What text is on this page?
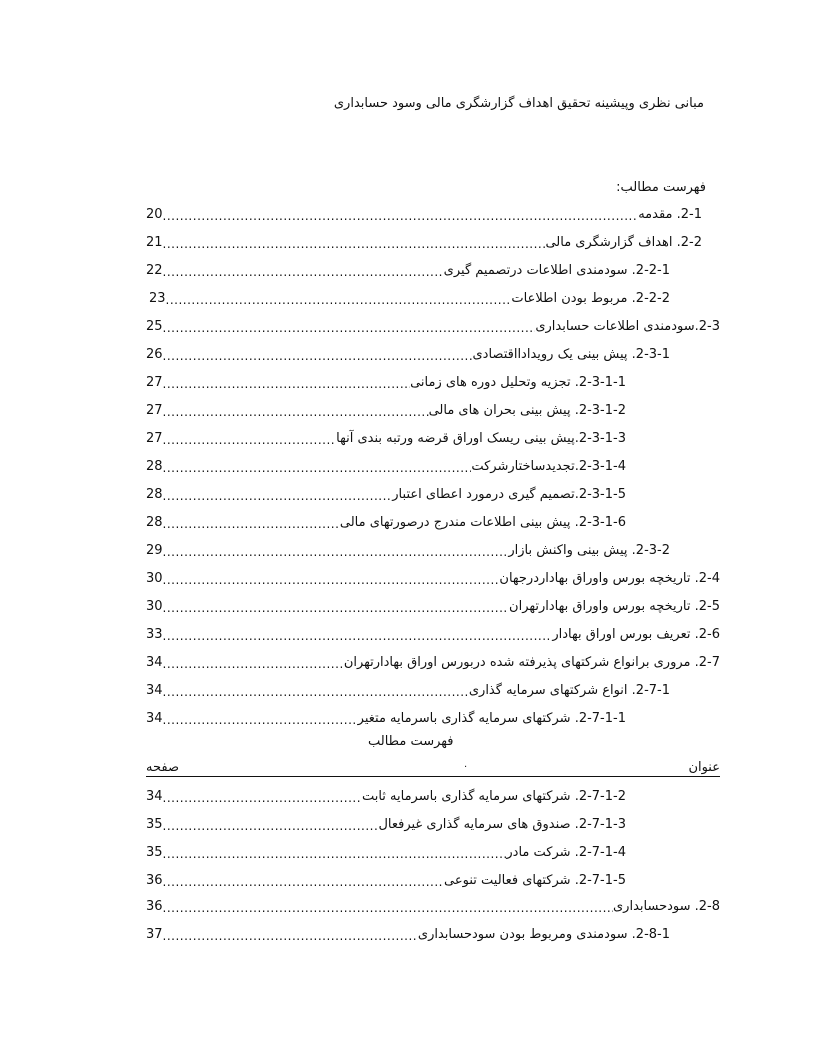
مبانی نظری وپیشینه تحقیق اهداف گزارشگری مالی وسود حسابداری
فهرست مطالب:
20 .....	2-1. مقدمه
21 .....	2-2. اهداف گزارشگری مالی
22 .....	2-2-1. سودمندی اطلاعات درتصمیم گیری
23 .....	2-2-2. مربوط بودن اطلاعات
25 .....	2-3.سودمندی اطلاعات حسابداری
26 .....	2-3-1. پیش بینی یک رویدادااقتصادی
27 .....	2-3-1-1. تجزیه وتحلیل دوره های زمانی
27 .....	2-3-1-2. پیش بینی بحران های مالی
27 .....	2-3-1-3.پیش بینی ریسک اوراق قرضه ورتبه بندی آنها
28 .....	2-3-1-4.تجدیدساختارشرکت
28 .....	2-3-1-5.تصمیم گیری درمورد اعطای اعتبار
28 .....	2-3-1-6. پیش بینی اطلاعات مندرج درصورتهای مالی
29 .....	2-3-2. پیش بینی واکنش بازار
30 .....	2-4. تاریخچه بورس واوراق بهاداردرجهان
30 .....	2-5. تاریخچه بورس واوراق بهادارتهران
33 .....	2-6. تعریف بورس اوراق بهادار
34 .....	2-7. مروری برانواع شرکتهای پذیرفته شده دربورس اوراق بهادارتهران
34 .....	2-7-1. انواع شرکتهای سرمایه گذاری
34 .....	2-7-1-1. شرکتهای سرمایه گذاری باسرمایه متغیر
فهرست مطالب
صفحه	.	عنوان
34 .....	2-7-1-2. شرکتهای سرمایه گذاری باسرمایه ثابت
35 .....	2-7-1-3. صندوق های سرمایه گذاری غیرفعال
35 .....	2-7-1-4. شرکت مادر
36 .....	2-7-1-5. شرکتهای فعالیت تنوعی
36 .....	2-8. سودحسابداری
37 .....	2-8-1. سودمندی ومربوط بودن سودحسابداری
